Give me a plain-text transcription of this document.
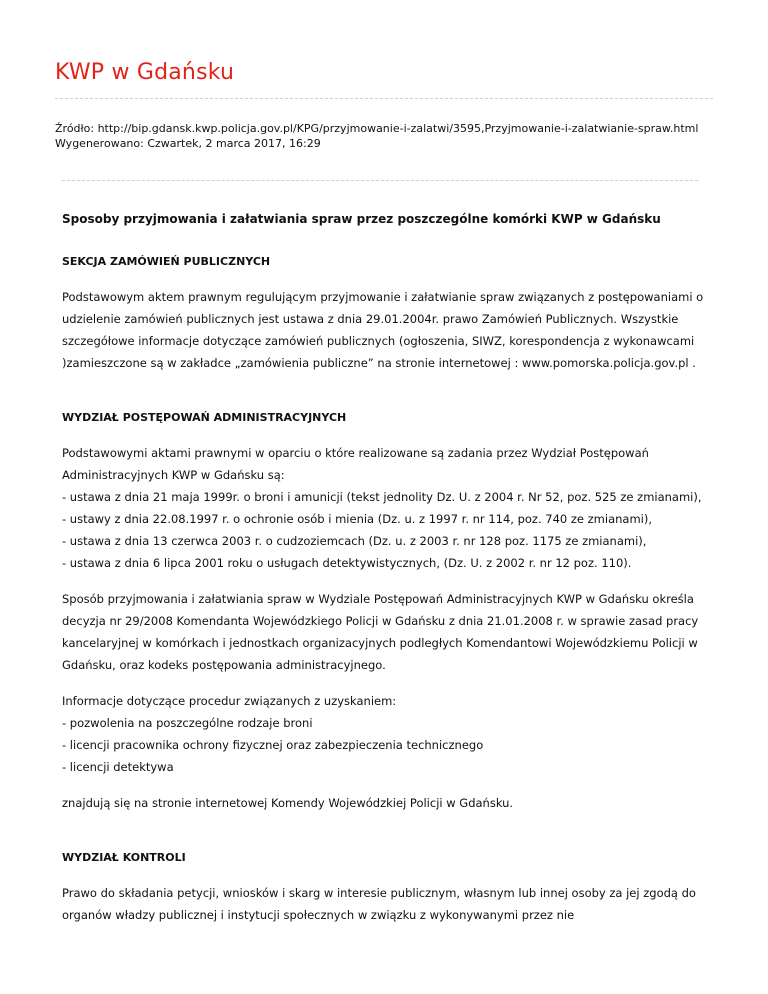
KWP w Gdańsku
Źródło: http://bip.gdansk.kwp.policja.gov.pl/KPG/przyjmowanie-i-zalatwi/3595,Przyjmowanie-i-zalatwianie-spraw.html
Wygenerowano: Czwartek, 2 marca 2017, 16:29
Sposoby przyjmowania i załatwiania spraw przez poszczególne komórki KWP w Gdańsku
SEKCJA ZAMÓWIEŃ PUBLICZNYCH

Podstawowym aktem prawnym regulującym przyjmowanie i załatwianie spraw związanych z postępowaniami o udzielenie zamówień publicznych jest ustawa z dnia 29.01.2004r. prawo Zamówień Publicznych. Wszystkie szczegółowe informacje dotyczące zamówień publicznych (ogłoszenia, SIWZ, korespondencja z wykonawcami )zamieszczone są w zakładce „zamówienia publiczne” na stronie internetowej : www.pomorska.policja.gov.pl .

WYDZIAŁ POSTĘPOWAŃ ADMINISTRACYJNYCH

Podstawowymi aktami prawnymi w oparciu o które realizowane są zadania przez Wydział Postępowań Administracyjnych KWP w Gdańsku są:
- ustawa z dnia 21 maja 1999r. o broni i amunicji (tekst jednolity Dz. U. z 2004 r. Nr 52, poz. 525 ze zmianami),
- ustawy z dnia 22.08.1997 r. o ochronie osób i mienia (Dz. u. z 1997 r. nr 114, poz. 740 ze zmianami),
- ustawa z dnia 13 czerwca 2003 r. o cudzoziemcach (Dz. u. z 2003 r. nr 128 poz. 1175 ze zmianami),
- ustawa z dnia 6 lipca 2001 roku o usługach detektywistycznych, (Dz. U. z 2002 r. nr 12 poz. 110).

Sposób przyjmowania i załatwiania spraw w Wydziale Postępowań Administracyjnych KWP w Gdańsku określa decyzja nr 29/2008 Komendanta Wojewódzkiego Policji w Gdańsku z dnia 21.01.2008 r. w sprawie zasad pracy kancelaryjnej w komórkach i jednostkach organizacyjnych podległych Komendantowi Wojewódzkiemu Policji w Gdańsku, oraz kodeks postępowania administracyjnego.

Informacje dotyczące procedur związanych z uzyskaniem:
- pozwolenia na poszczególne rodzaje broni
- licencji pracownika ochrony fizycznej oraz zabezpieczenia technicznego
- licencji detektywa

znajdują się na stronie internetowej Komendy Wojewódzkiej Policji w Gdańsku.

WYDZIAŁ KONTROLI

Prawo do składania petycji, wniosków i skarg w interesie publicznym, własnym lub innej osoby za jej zgodą do organów władzy publicznej i instytucji społecznych w związku z wykonywanymi przez nie
